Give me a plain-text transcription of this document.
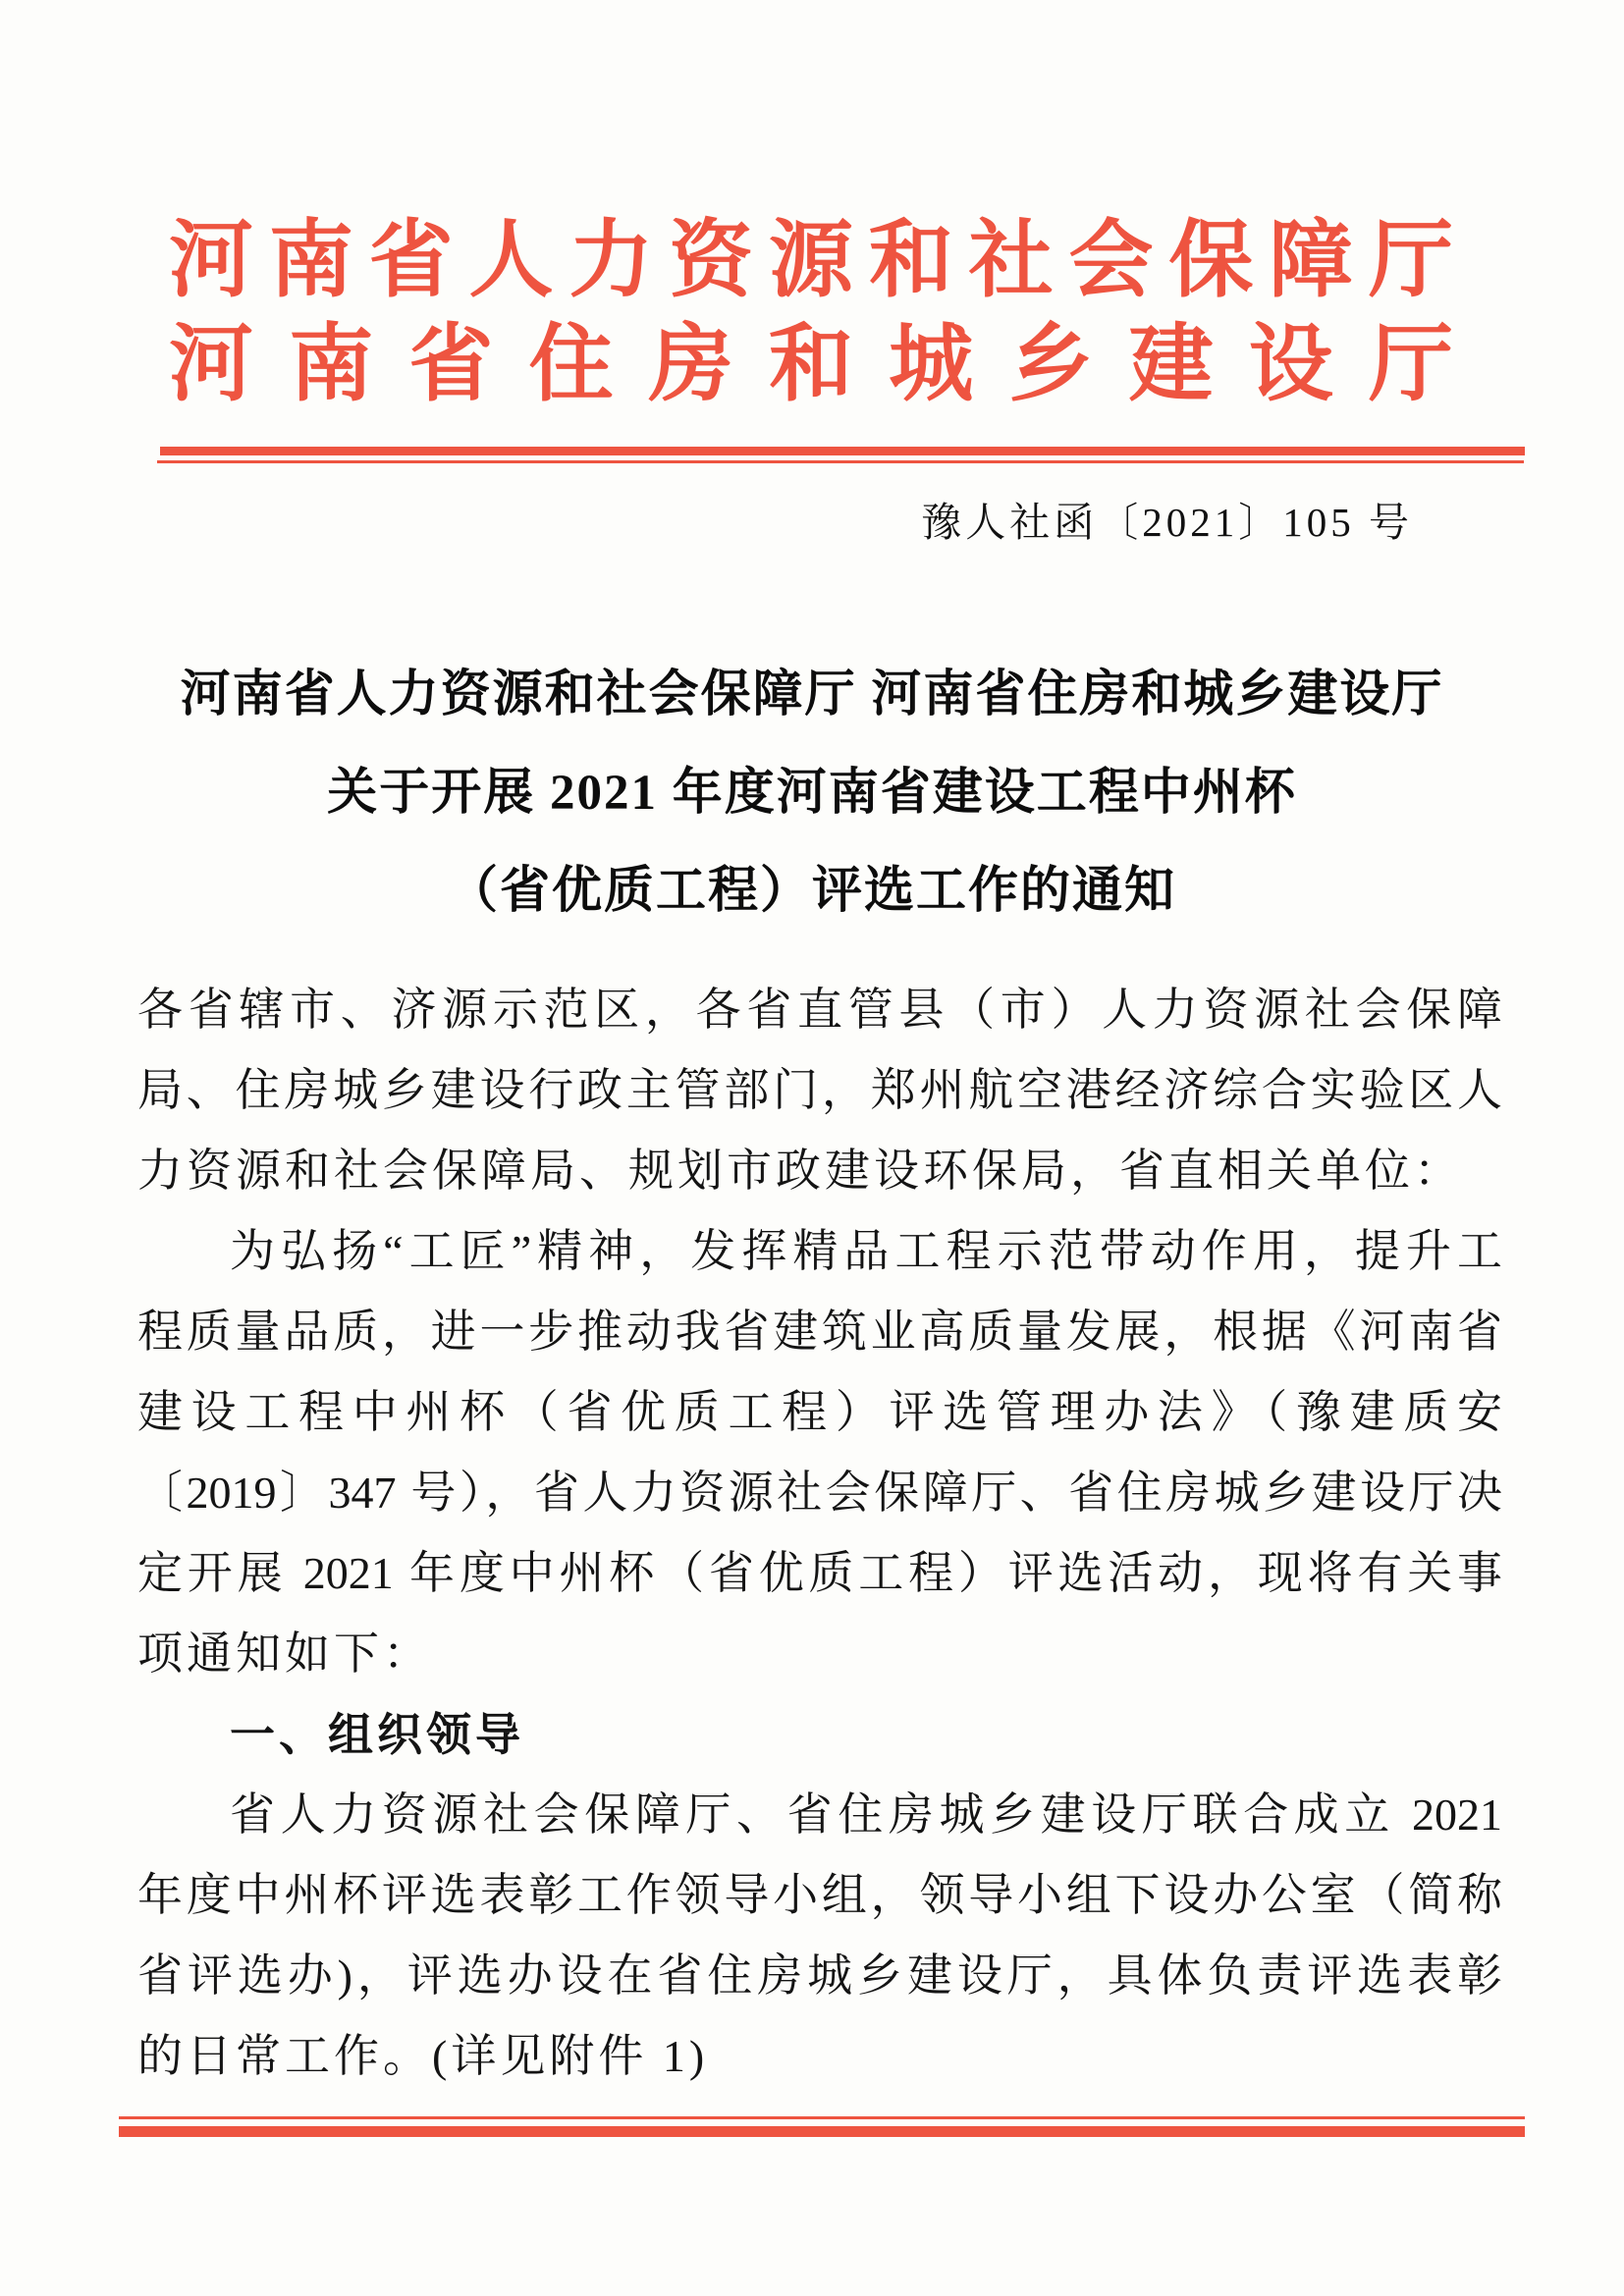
河南省人力资源和社会保障厅
河南省住房和城乡建设厅
豫人社函〔2021〕105 号
河南省人力资源和社会保障厅 河南省住房和城乡建设厅
关于开展 2021 年度河南省建设工程中州杯
（省优质工程）评选工作的通知
各省辖市、济源示范区，各省直管县（市）人力资源社会保障
局、住房城乡建设行政主管部门，郑州航空港经济综合实验区人
力资源和社会保障局、规划市政建设环保局，省直相关单位：
为弘扬“工匠”精神，发挥精品工程示范带动作用，提升工
程质量品质，进一步推动我省建筑业高质量发展，根据《河南省
建设工程中州杯（省优质工程）评选管理办法》（豫建质安
〔2019〕347 号），省人力资源社会保障厅、省住房城乡建设厅决
定开展 2021 年度中州杯（省优质工程）评选活动，现将有关事
项通知如下：
一、组织领导
省人力资源社会保障厅、省住房城乡建设厅联合成立 2021
年度中州杯评选表彰工作领导小组，领导小组下设办公室（简称
省评选办)，评选办设在省住房城乡建设厅，具体负责评选表彰
的日常工作。(详见附件 1)
